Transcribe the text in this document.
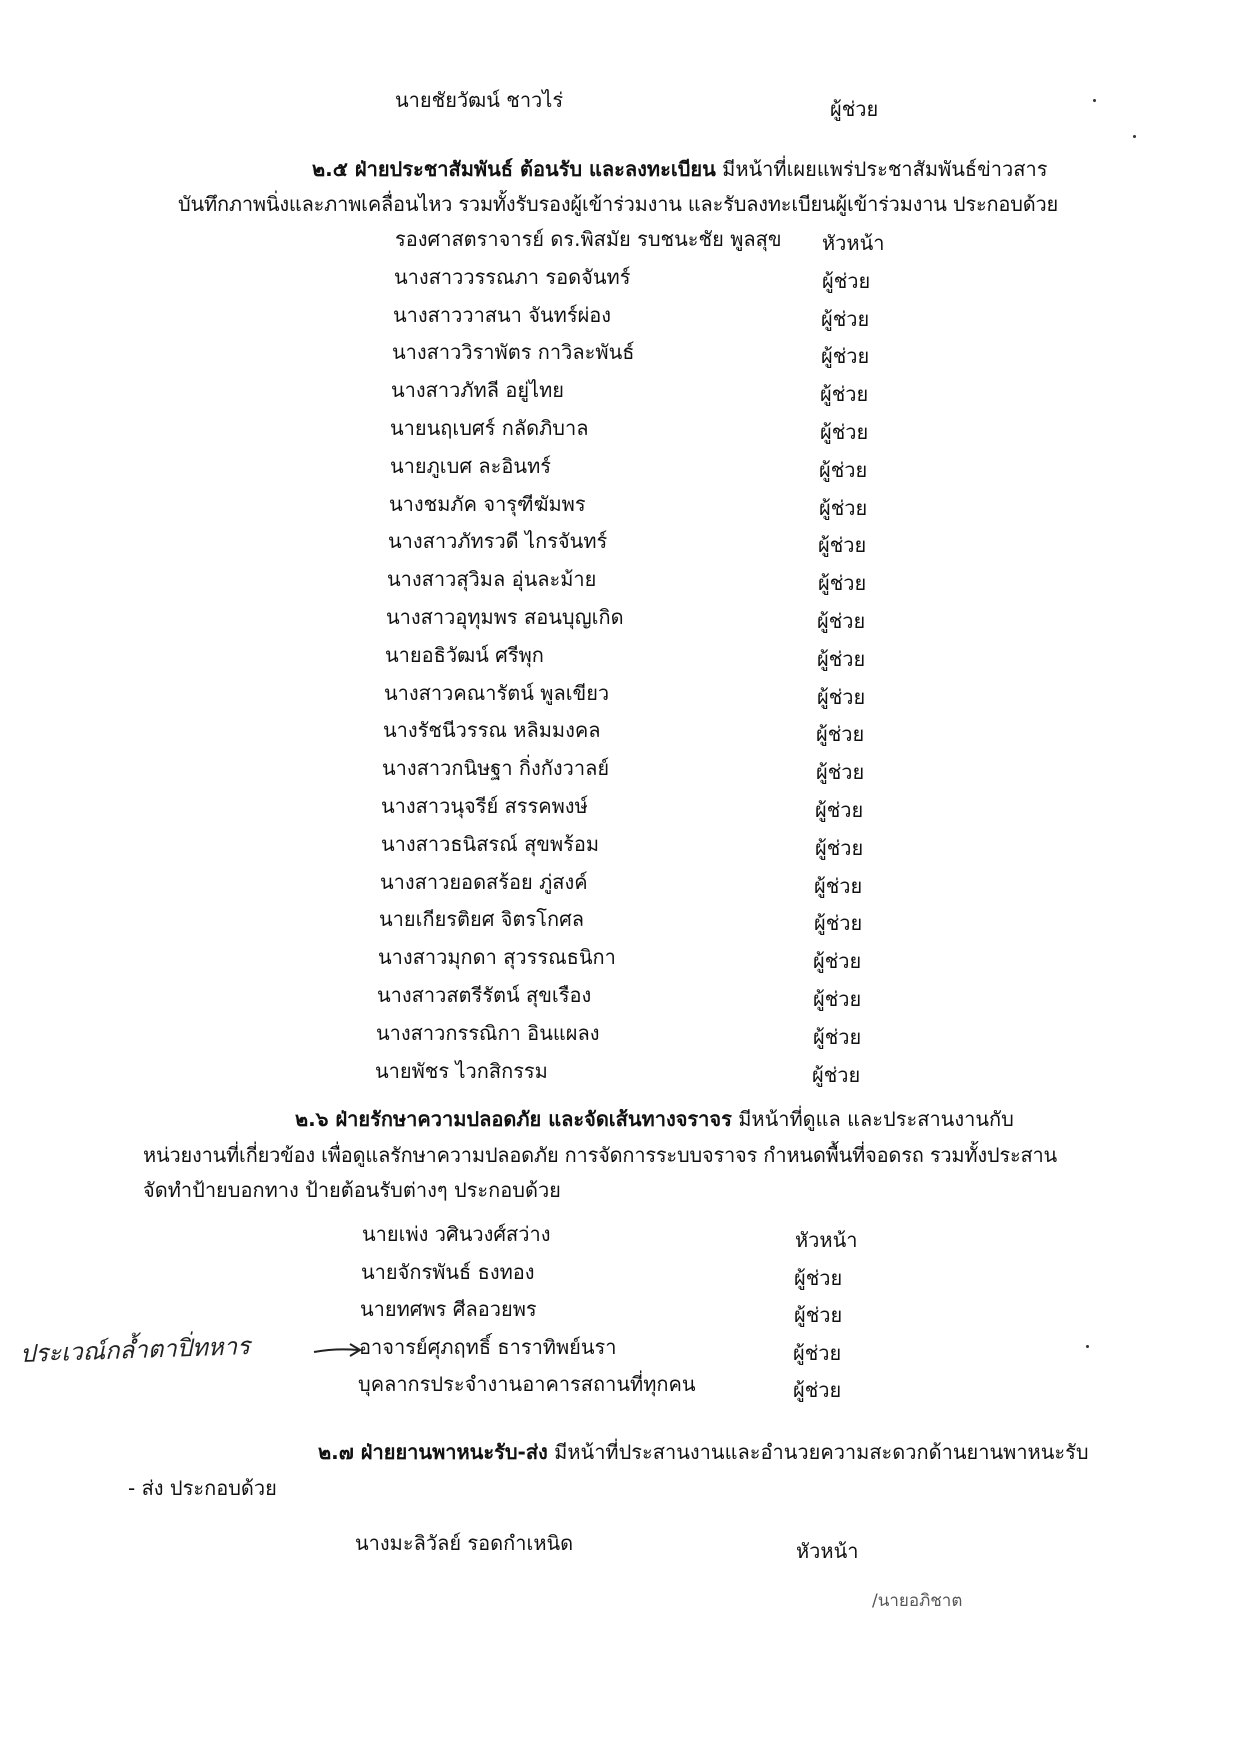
นายชัยวัฒน์ ชาวไร่	ผู้ช่วย
๒.๕ ฝ่ายประชาสัมพันธ์ ต้อนรับ และลงทะเบียน มีหน้าที่เผยแพร่ประชาสัมพันธ์ข่าวสาร
บันทึกภาพนิ่งและภาพเคลื่อนไหว รวมทั้งรับรองผู้เข้าร่วมงาน และรับลงทะเบียนผู้เข้าร่วมงาน ประกอบด้วย
รองศาสตราจารย์ ดร.พิสมัย รบชนะชัย พูลสุข หัวหน้า
นางสาววรรณภา รอดจันทร์	ผู้ช่วย
นางสาววาสนา จันทร์ผ่อง	ผู้ช่วย
นางสาววิราพัตร กาวิละพันธ์	ผู้ช่วย
นางสาวภัทลี อยู่ไทย	ผู้ช่วย
นายนฤเบศร์ กลัดภิบาล	ผู้ช่วย
นายภูเบศ ละอินทร์	ผู้ช่วย
นางชมภัค จารุฑีฆัมพร	ผู้ช่วย
นางสาวภัทรวดี ไกรจันทร์	ผู้ช่วย
นางสาวสุวิมล อุ่นละม้าย	ผู้ช่วย
นางสาวอุทุมพร สอนบุญเกิด	ผู้ช่วย
นายอธิวัฒน์ ศรีพุก	ผู้ช่วย
นางสาวคณารัตน์ พูลเขียว	ผู้ช่วย
นางรัชนีวรรณ หลิมมงคล	ผู้ช่วย
นางสาวกนิษฐา กิ่งกังวาลย์	ผู้ช่วย
นางสาวนุจรีย์ สรรคพงษ์	ผู้ช่วย
นางสาวธนิสรณ์ สุขพร้อม	ผู้ช่วย
นางสาวยอดสร้อย ภู่สงค์	ผู้ช่วย
นายเกียรติยศ จิตรโกศล	ผู้ช่วย
นางสาวมุกดา สุวรรณธนิกา	ผู้ช่วย
นางสาวสตรีรัตน์ สุขเรือง	ผู้ช่วย
นางสาวกรรณิกา อินแผลง	ผู้ช่วย
นายพัชร ไวกสิกรรม	ผู้ช่วย
๒.๖ ฝ่ายรักษาความปลอดภัย และจัดเส้นทางจราจร มีหน้าที่ดูแล และประสานงานกับ
หน่วยงานที่เกี่ยวข้อง เพื่อดูแลรักษาความปลอดภัย การจัดการระบบจราจร กำหนดพื้นที่จอดรถ รวมทั้งประสาน
จัดทำป้ายบอกทาง ป้ายต้อนรับต่างๆ ประกอบด้วย
นายเพ่ง วศินวงศ์สว่าง	หัวหน้า
นายจักรพันธ์ ธงทอง	ผู้ช่วย
นายทศพร ศีลอวยพร	ผู้ช่วย
อาจารย์ศุภฤทธิ์ ธาราทิพย์นรา	ผู้ช่วย
บุคลากรประจำงานอาคารสถานที่ทุกคน	ผู้ช่วย
ประเวณ์กล้ำตาปิ่ทหาร
๒.๗ ฝ่ายยานพาหนะรับ-ส่ง มีหน้าที่ประสานงานและอำนวยความสะดวกด้านยานพาหนะรับ
- ส่ง ประกอบด้วย
นางมะลิวัลย์ รอดกำเหนิด	หัวหน้า
/นายอภิชาต
